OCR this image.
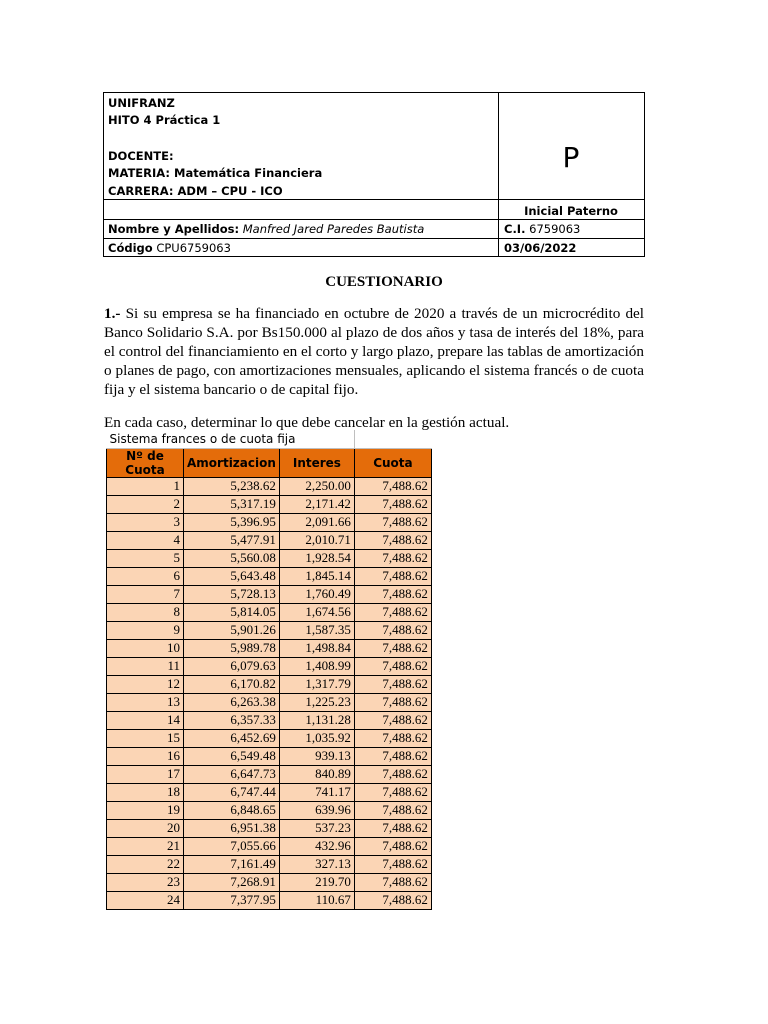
UNIFRANZ
HITO 4 Práctica 1
DOCENTE:
MATERIA: Matemática Financiera
CARRERA: ADM – CPU - ICO
P
Inicial Paterno
Nombre y Apellidos: Manfred Jared Paredes Bautista	C.I. 6759063
Código CPU6759063	03/06/2022
CUESTIONARIO
1.- Si su empresa se ha financiado en octubre de 2020 a través de un microcrédito del Banco Solidario S.A. por Bs150.000 al plazo de dos años y tasa de interés del 18%, para el control del financiamiento en el corto y largo plazo, prepare las tablas de amortización o planes de pago, con amortizaciones mensuales, aplicando el sistema francés o de cuota fija y el sistema bancario o de capital fijo.
En cada caso, determinar lo que debe cancelar en la gestión actual.
Sistema frances o de cuota fija			
Nº de Cuota	Amortizacion	Interes	Cuota
1	5,238.62	2,250.00	7,488.62
2	5,317.19	2,171.42	7,488.62
3	5,396.95	2,091.66	7,488.62
4	5,477.91	2,010.71	7,488.62
5	5,560.08	1,928.54	7,488.62
6	5,643.48	1,845.14	7,488.62
7	5,728.13	1,760.49	7,488.62
8	5,814.05	1,674.56	7,488.62
9	5,901.26	1,587.35	7,488.62
10	5,989.78	1,498.84	7,488.62
11	6,079.63	1,408.99	7,488.62
12	6,170.82	1,317.79	7,488.62
13	6,263.38	1,225.23	7,488.62
14	6,357.33	1,131.28	7,488.62
15	6,452.69	1,035.92	7,488.62
16	6,549.48	939.13	7,488.62
17	6,647.73	840.89	7,488.62
18	6,747.44	741.17	7,488.62
19	6,848.65	639.96	7,488.62
20	6,951.38	537.23	7,488.62
21	7,055.66	432.96	7,488.62
22	7,161.49	327.13	7,488.62
23	7,268.91	219.70	7,488.62
24	7,377.95	110.67	7,488.62
